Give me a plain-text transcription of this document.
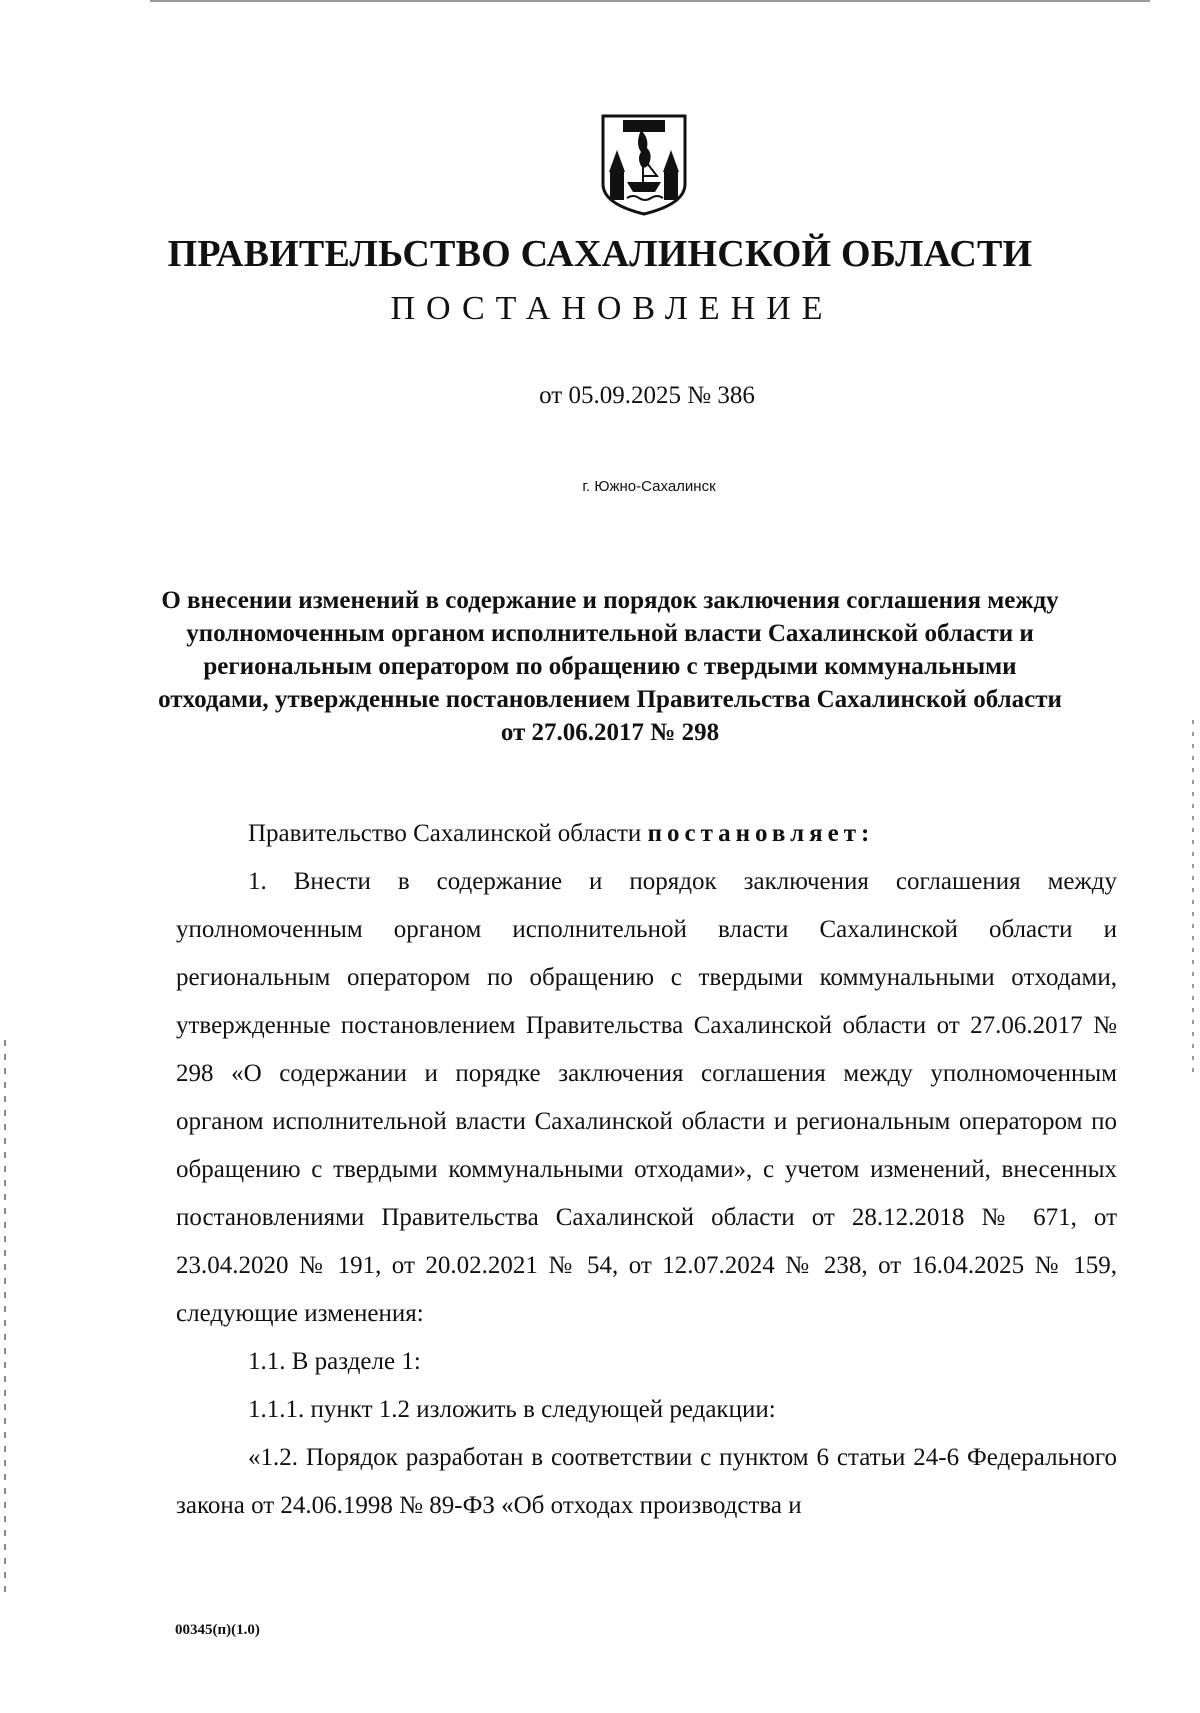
ПРАВИТЕЛЬСТВО САХАЛИНСКОЙ ОБЛАСТИ
ПОСТАНОВЛЕНИЕ
от 05.09.2025 № 386
г. Южно-Сахалинск
О внесении изменений в содержание и порядок заключения соглашения между уполномоченным органом исполнительной власти Сахалинской области и региональным оператором по обращению с твердыми коммунальными отходами, утвержденные постановлением Правительства Сахалинской области от 27.06.2017 № 298

Правительство Сахалинской области постановляет:

1. Внести в содержание и порядок заключения соглашения между уполномоченным органом исполнительной власти Сахалинской области и региональным оператором по обращению с твердыми коммунальными отходами, утвержденные постановлением Правительства Сахалинской области от 27.06.2017 № 298 «О содержании и порядке заключения соглашения между уполномоченным органом исполнительной власти Сахалинской области и региональным оператором по обращению с твердыми коммунальными отходами», с учетом изменений, внесенных постановлениями Правительства Сахалинской области от 28.12.2018 № 671, от 23.04.2020 № 191, от 20.02.2021 № 54, от 12.07.2024 № 238, от 16.04.2025 № 159, следующие изменения:

1.1. В разделе 1:

1.1.1. пункт 1.2 изложить в следующей редакции:

«1.2. Порядок разработан в соответствии с пунктом 6 статьи 24-6 Федерального закона от 24.06.1998 № 89-ФЗ «Об отходах производства и

00345(п)(1.0)
